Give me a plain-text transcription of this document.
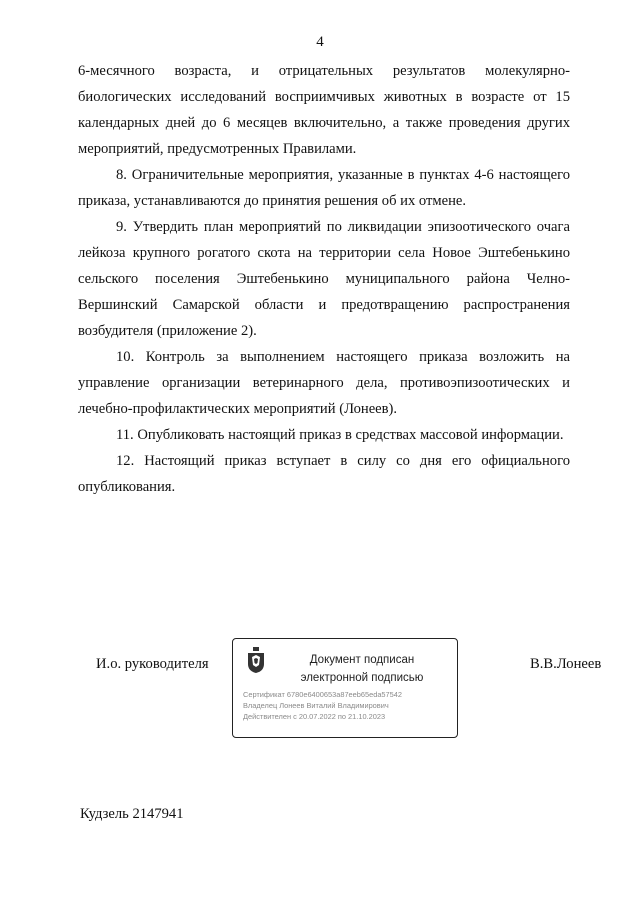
4

6-месячного возраста, и отрицательных результатов молекулярно-биологических исследований восприимчивых животных в возрасте от 15 календарных дней до 6 месяцев включительно, а также проведения других мероприятий, предусмотренных Правилами.

8. Ограничительные мероприятия, указанные в пунктах 4-6 настоящего приказа, устанавливаются до принятия решения об их отмене.

9. Утвердить план мероприятий по ликвидации эпизоотического очага лейкоза крупного рогатого скота на территории села Новое Эштебенькино сельского поселения Эштебенькино муниципального района Челно-Вершинский Самарской области и предотвращению распространения возбудителя (приложение 2).

10. Контроль за выполнением настоящего приказа возложить на управление организации ветеринарного дела, противоэпизоотических и лечебно-профилактических мероприятий (Лонеев).

11. Опубликовать настоящий приказ в средствах массовой информации.

12. Настоящий приказ вступает в силу со дня его официального опубликования.

И.о. руководителя	Документ подписан
электронной подписью
Сертификат 6780e6400653a87eeb65eda57542
Владелец Лонеев Виталий Владимирович
Действителен с 20.07.2022 по 21.10.2023
В.В.Лонеев
Кудзель 2147941
